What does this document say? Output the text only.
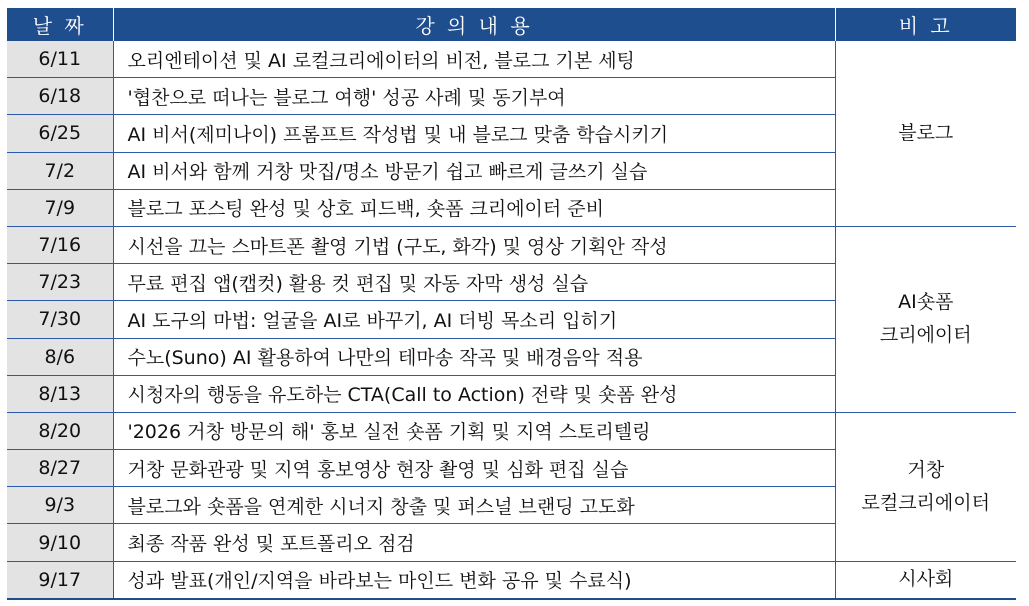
날 짜	강 의 내 용	비 고
6/11	오리엔테이션 및 AI 로컬크리에이터의 비전, 블로그 기본 세팅	블로그
6/18	'협찬으로 떠나는 블로그 여행' 성공 사례 및 동기부여	
6/25	AI 비서(제미나이) 프롬프트 작성법 및 내 블로그 맞춤 학습시키기	
7/2	AI 비서와 함께 거창 맛집/명소 방문기 쉽고 빠르게 글쓰기 실습	
7/9	블로그 포스팅 완성 및 상호 피드백, 숏폼 크리에이터 준비	
7/16	시선을 끄는 스마트폰 촬영 기법 (구도, 화각) 및 영상 기획안 작성	AI숏폼
크리에이터

7/23	무료 편집 앱(캡컷) 활용 컷 편집 및 자동 자막 생성 실습	
7/30	AI 도구의 마법: 얼굴을 AI로 바꾸기, AI 더빙 목소리 입히기	
8/6	수노(Suno) AI 활용하여 나만의 테마송 작곡 및 배경음악 적용	
8/13	시청자의 행동을 유도하는 CTA(Call to Action) 전략 및 숏폼 완성	
8/20	'2026 거창 방문의 해' 홍보 실전 숏폼 기획 및 지역 스토리텔링	거창
로컬크리에이터

8/27	거창 문화관광 및 지역 홍보영상 현장 촬영 및 심화 편집 실습	
9/3	블로그와 숏폼을 연계한 시너지 창출 및 퍼스널 브랜딩 고도화	
9/10	최종 작품 완성 및 포트폴리오 점검	
9/17	성과 발표(개인/지역을 바라보는 마인드 변화 공유 및 수료식)	시사회
